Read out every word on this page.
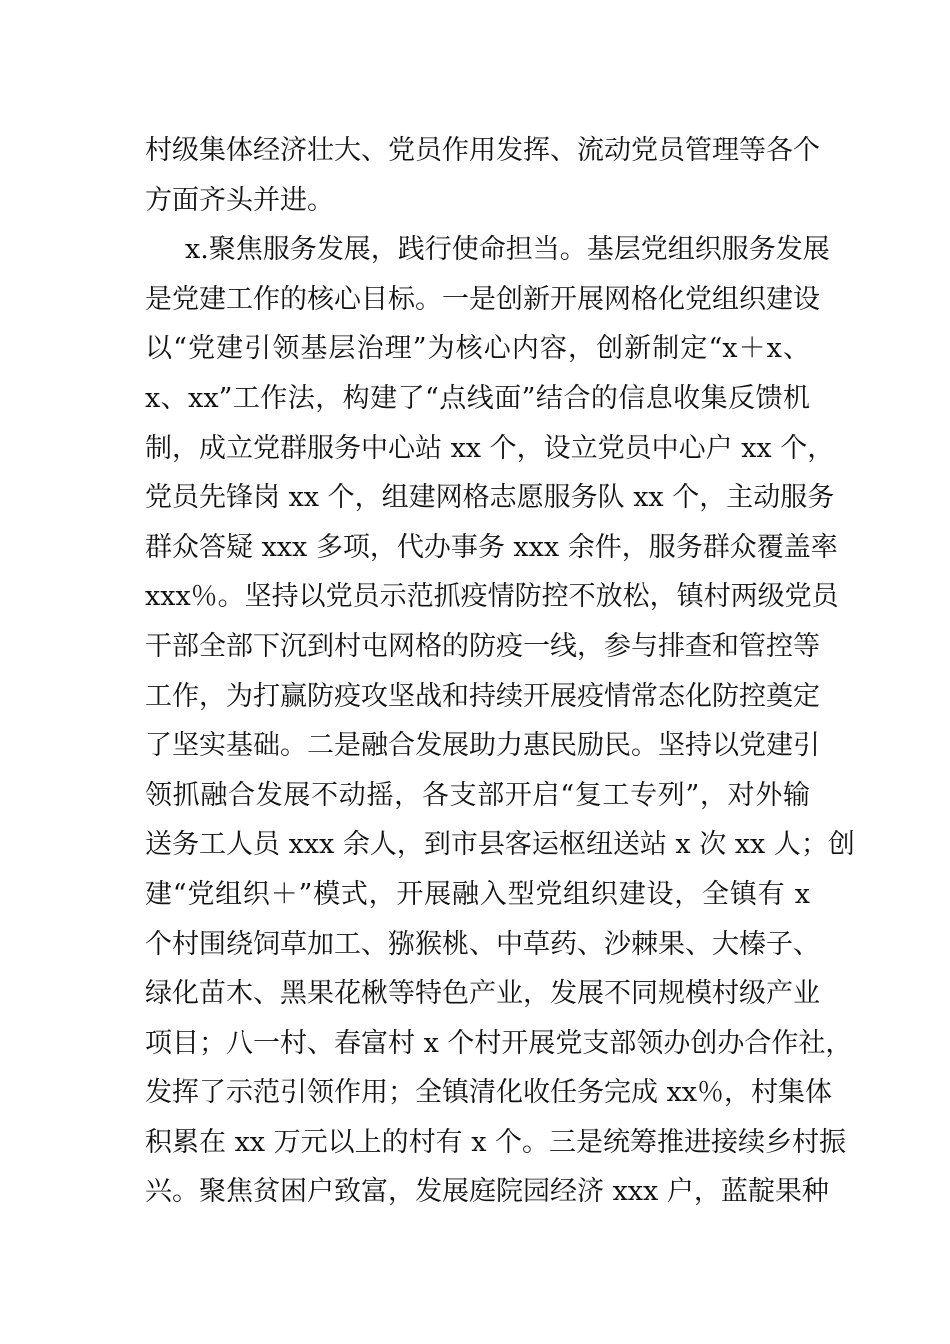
村级集体经济壮大、党员作用发挥、流动党员管理等各个
方面齐头并进。
x.聚焦服务发展，践行使命担当。基层党组织服务发展
是党建工作的核心目标。一是创新开展网格化党组织建设
以“党建引领基层治理”为核心内容，创新制定“x＋x、
x、xx”工作法，构建了“点线面”结合的信息收集反馈机
制，成立党群服务中心站 xx 个，设立党员中心户 xx 个，
党员先锋岗 xx 个，组建网格志愿服务队 xx 个，主动服务
群众答疑 xxx 多项，代办事务 xxx 余件，服务群众覆盖率
xxx％。坚持以党员示范抓疫情防控不放松，镇村两级党员
干部全部下沉到村屯网格的防疫一线，参与排查和管控等
工作，为打赢防疫攻坚战和持续开展疫情常态化防控奠定
了坚实基础。二是融合发展助力惠民励民。坚持以党建引
领抓融合发展不动摇，各支部开启“复工专列”，对外输
送务工人员 xxx 余人，到市县客运枢纽送站 x 次 xx 人；创
建“党组织＋”模式，开展融入型党组织建设，全镇有 x
个村围绕饲草加工、猕猴桃、中草药、沙棘果、大榛子、
绿化苗木、黑果花楸等特色产业，发展不同规模村级产业
项目；八一村、春富村 x 个村开展党支部领办创办合作社，
发挥了示范引领作用；全镇清化收任务完成 xx％，村集体
积累在 xx 万元以上的村有 x 个。三是统筹推进接续乡村振
兴。聚焦贫困户致富，发展庭院园经济 xxx 户，蓝靛果种
